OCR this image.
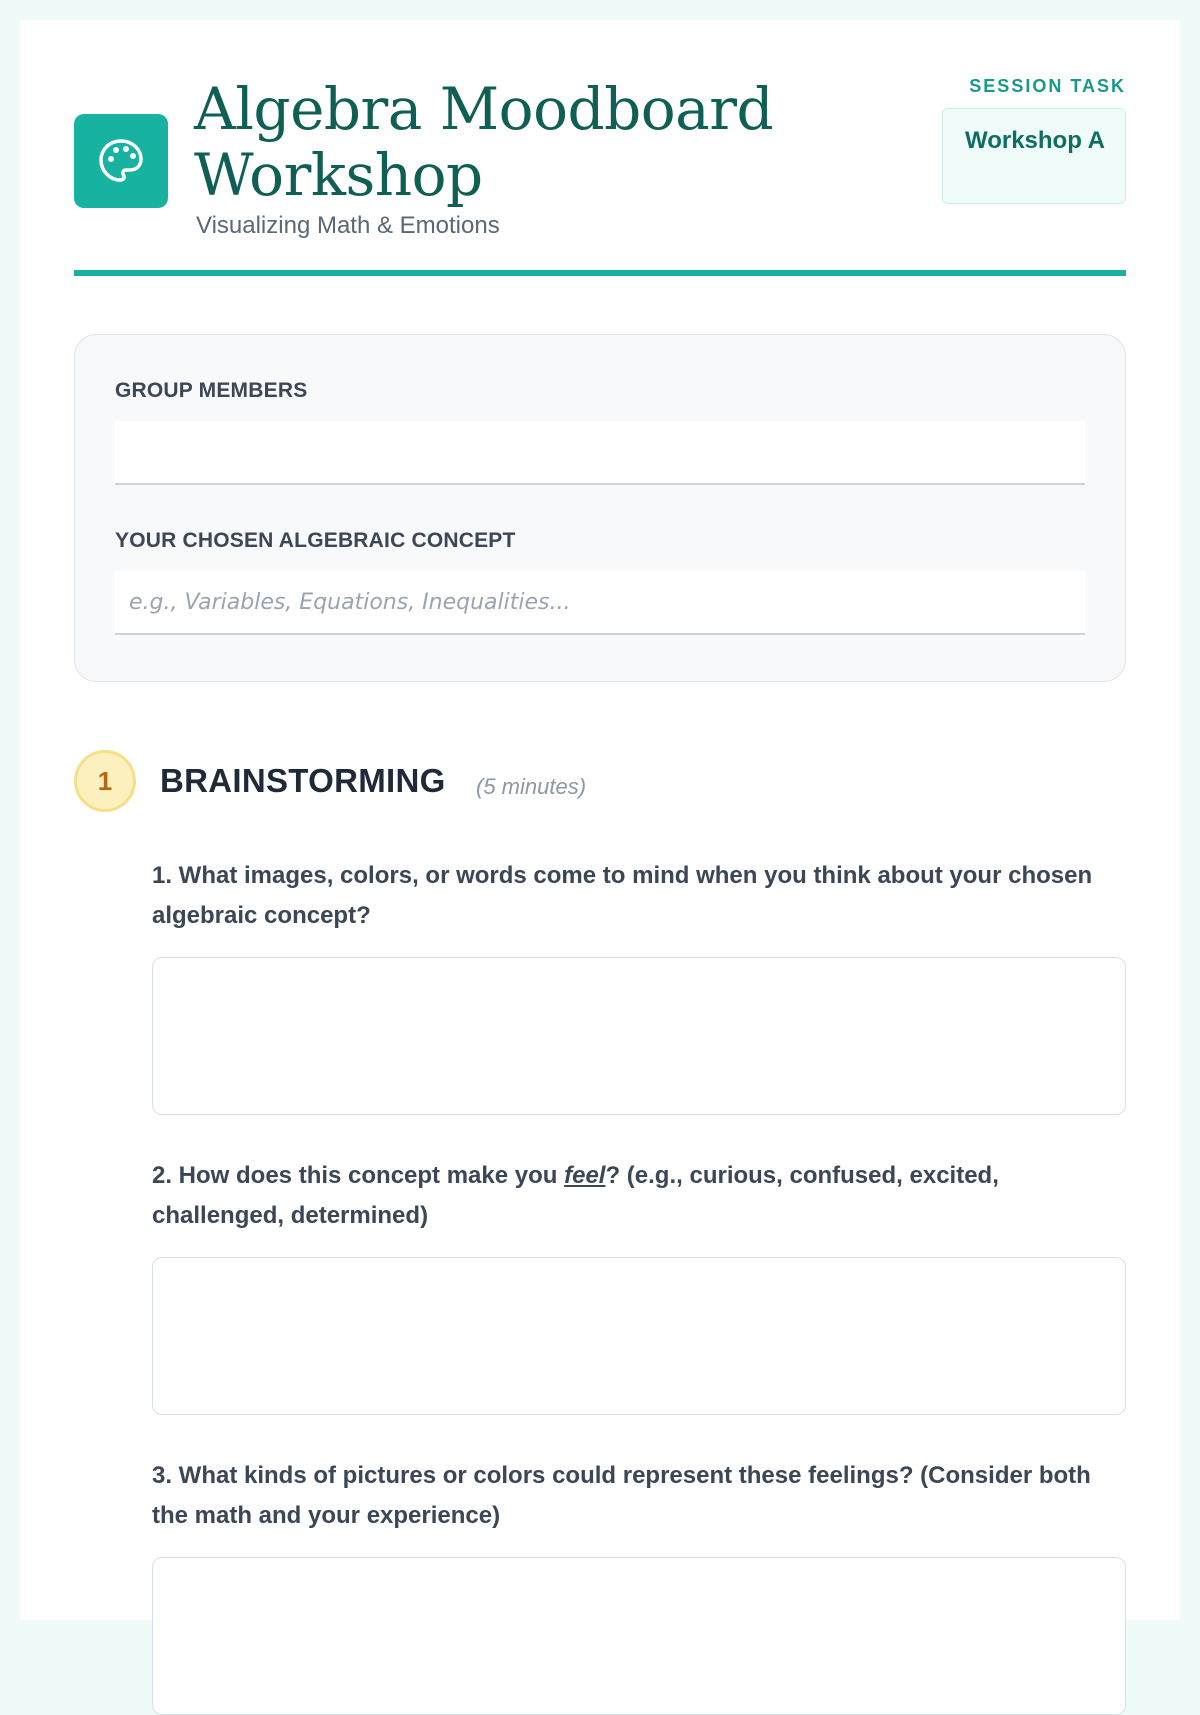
Algebra Moodboard Workshop
Visualizing Math & Emotions
SESSION TASK
Workshop A
GROUP MEMBERS
YOUR CHOSEN ALGEBRAIC CONCEPT
e.g., Variables, Equations, Inequalities...
1	BRAINSTORMING (5 minutes)
1. What images, colors, or words come to mind when you think about your chosen algebraic concept?
2. How does this concept make you feel? (e.g., curious, confused, excited, challenged, determined)
3. What kinds of pictures or colors could represent these feelings? (Consider both the math and your experience)
